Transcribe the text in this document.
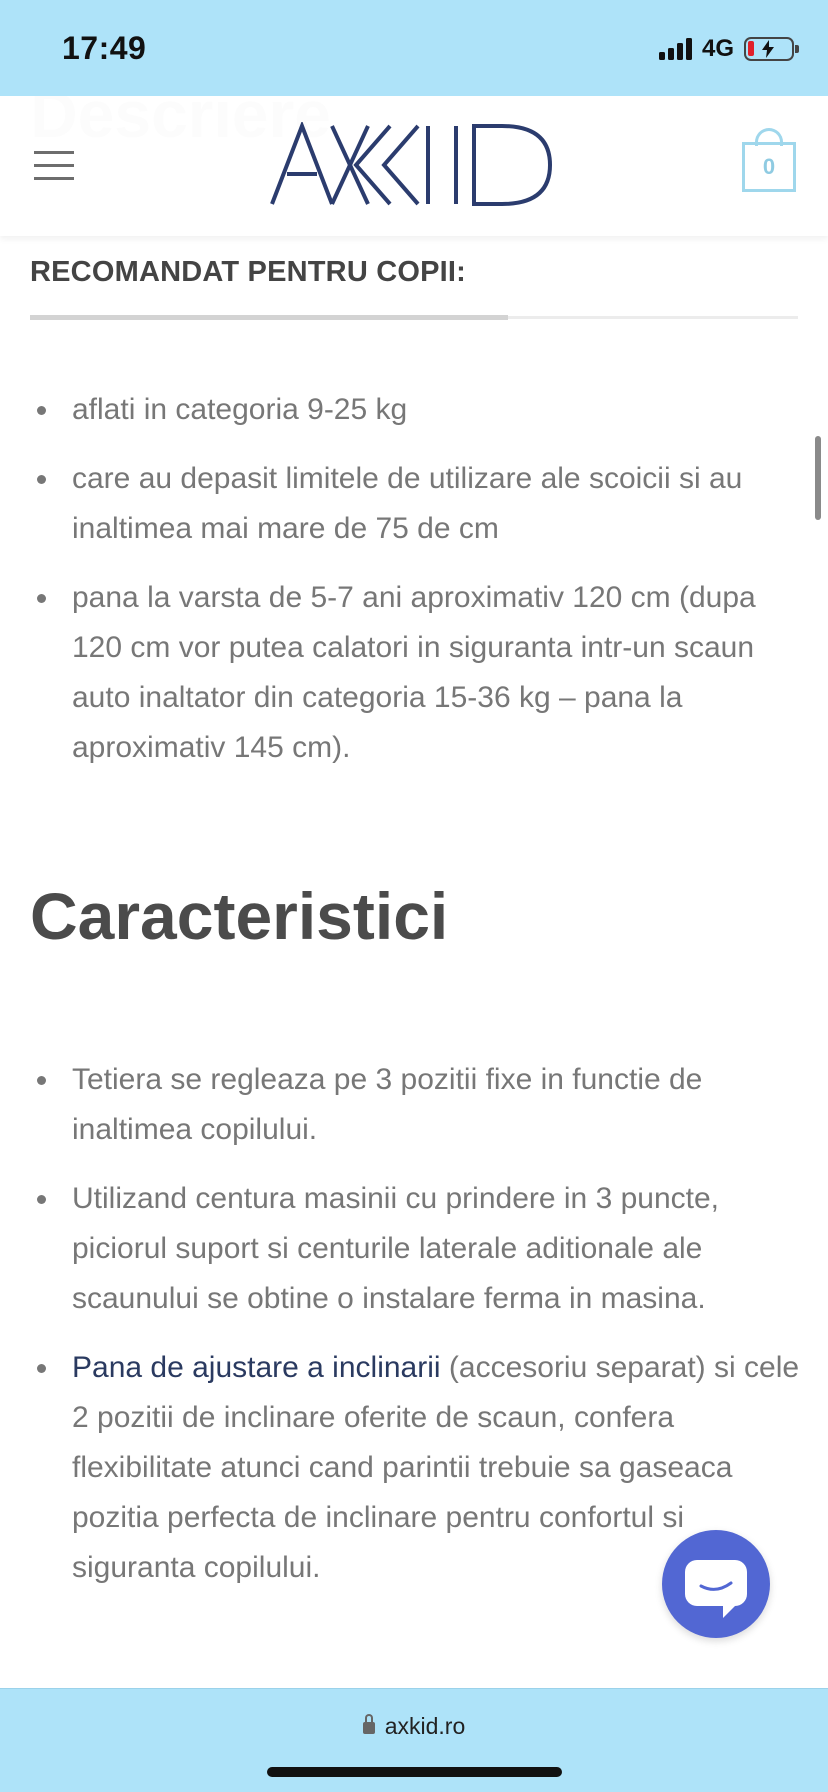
17:49	4G
0
RECOMANDAT PENTRU COPII:
aflati in categoria 9-25 kg
care au depasit limitele de utilizare ale scoicii si au inaltimea mai mare de 75 de cm
pana la varsta de 5-7 ani aproximativ 120 cm (dupa 120 cm vor putea calatori in siguranta intr-un scaun auto inaltator din categoria 15-36 kg – pana la aproximativ 145 cm).
Caracteristici
Tetiera se regleaza pe 3 pozitii fixe in functie de inaltimea copilului.
Utilizand centura masinii cu prindere in 3 puncte, piciorul suport si centurile laterale aditionale ale scaunului se obtine o instalare ferma in masina.
Pana de ajustare a inclinarii (accesoriu separat) si cele 2 pozitii de inclinare oferite de scaun, confera flexibilitate atunci cand parintii trebuie sa gaseaca pozitia perfecta de inclinare pentru confortul si siguranta copilului.
axkid.ro
